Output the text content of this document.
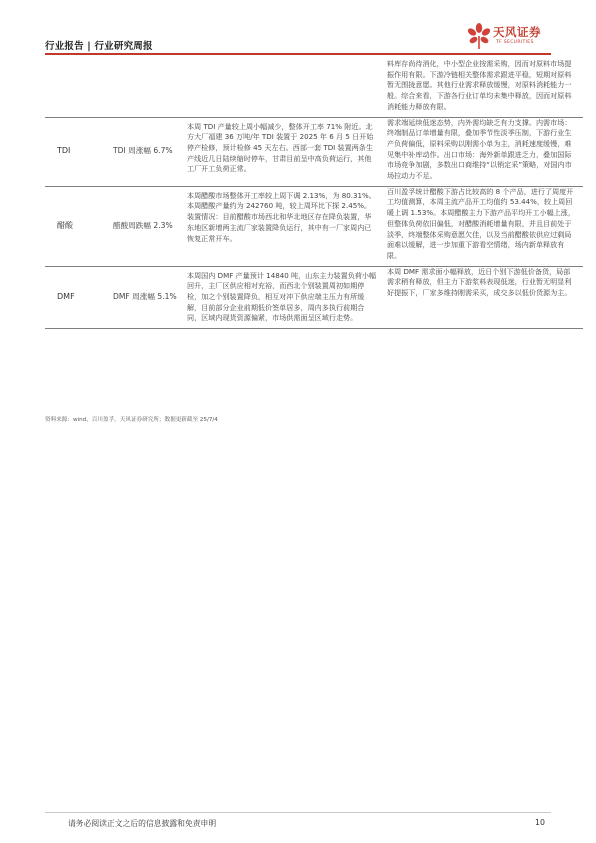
行业报告 | 行业研究周报
天风证券
TF SECURITIES

			料库存尚待消化，中小型企业按需采购，因而对原料市场提振作用有限。下游冷链相关整体需求跟进平稳，短期对原料暂无围拢意愿。其他行业需求释放缓慢，对原料消耗能力一般。综合来看，下游各行业订单均未集中释放，因而对原料消耗能力释放有限。

TDI	TDI 周涨幅 6.7%	本周 TDI 产量较上周小幅减少，整体开工率 71% 附近。北方大厂福建 36 万吨/年 TDI 装置于 2025 年 6 月 5 日开始停产检修，预计检修 45 天左右。西部一套 TDI 装置两条生产线近几日陆续缩时停车，甘肃目前呈中高负荷运行，其他工厂开工负荷正常。	需求端延续低迷态势，内外需均缺乏有力支撑。内需市场：终端制品订单增量有限，叠加季节性淡季压制，下游行业生产负荷偏低，原料采购以刚需小单为主，消耗速度缓慢，难见集中补库动作。出口市场：海外新单跟进乏力，叠加国际市场竞争加剧，多数出口商维持“以销定采”策略，对国内市场拉动力不足。
醋酸	醋酸周跌幅 2.3%	本周醋酸市场整体开工率较上周下调 2.13%，为 80.31%。本周醋酸产量约为 242760 吨，较上周环比下探 2.45%。装置情况：目前醋酸市场西北和华北地区存在降负装置，华东地区新增两主流厂家装置降负运行，其中有一厂家周内已恢复正常开车。	百川盈孚统计醋酸下游占比较高的 8 个产品，进行了周度开工均值测算，本周主流产品开工均值约 53.44%，较上周回暖上调 1.53%。本周醋酸主力下游产品平均开工小幅上涨，但整体负荷依旧偏低，对醋酸消耗增量有限，并且目前处于淡季，终端整体采购意愿欠佳，以及当前醋酸依供应过剩局面难以缓解，进一步加重下游看空情绪，场内新单释放有限。
DMF	DMF 周涨幅 5.1%	本周国内 DMF 产量预计 14840 吨，山东主力装置负荷小幅回升，主厂区供应相对充裕，而西北个别装置周初如期停检，加之个别装置降负，相互对冲下供应端主压力有所缓解，目前部分企业前期低价签单居多，周内多执行前期合同，区域内现货资源偏紧，市场供需面呈区域行走势。	本周 DMF 需求面小幅释放，近日个别下游低价备货，局部需求稍有释放，但主力下游浆料表现低迷，行业暂无明显利好提振下，厂家多维持刚需采买，成交多以低价货源为主。
资料来源：wind，百川盈孚，天风证券研究所；数据更新截至 25/7/4
请务必阅读正文之后的信息披露和免责申明	10
